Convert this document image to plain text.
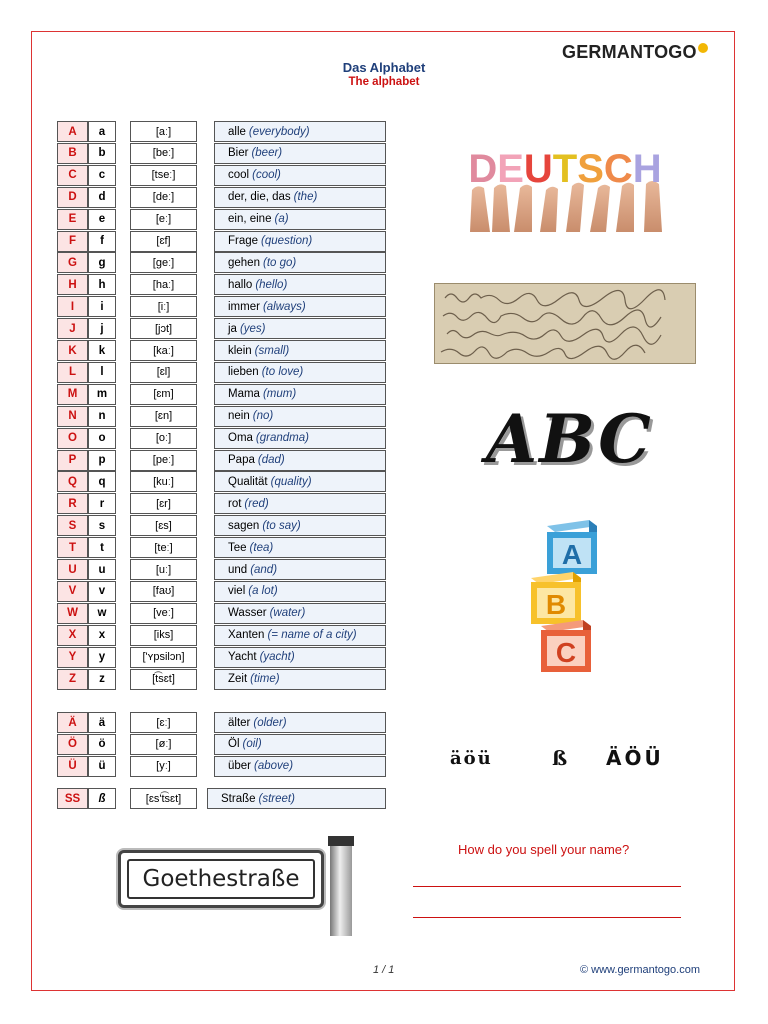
Das Alphabet
The alphabet
GERMANTOGO
A	a	[aː]	alle (everybody)
B	b	[beː]	Bier (beer)
C	c	[tseː]	cool (cool)
D	d	[deː]	der, die, das (the)
E	e	[eː]	ein, eine (a)
F	f	[ɛf]	Frage (question)
G	g	[geː]	gehen (to go)
H	h	[haː]	hallo (hello)
I	i	[iː]	immer (always)
J	j	[jɔt]	ja (yes)
K	k	[kaː]	klein (small)
L	l	[ɛl]	lieben (to love)
M	m	[ɛm]	Mama (mum)
N	n	[ɛn]	nein (no)
O	o	[oː]	Oma (grandma)
P	p	[peː]	Papa (dad)
Q	q	[kuː]	Qualität (quality)
R	r	[ɛr]	rot (red)
S	s	[ɛs]	sagen (to say)
T	t	[teː]	Tee (tea)
U	u	[uː]	und (and)
V	v	[faʊ]	viel (a lot)
W	w	[veː]	Wasser (water)
X	x	[iks]	Xanten (= name of a city)
Y	y	['ʏpsilɔn]	Yacht (yacht)
Z	z	[t͡sɛt]	Zeit (time)
Ä	ä	[ɛː]	älter (older)
Ö	ö	[øː]	Öl (oil)
Ü	ü	[yː]	über (above)
SS	ß	[ɛs't͡sɛt]	Straße (street)
DEUTSCH
ABC
A
B
C
äöü	ß ÄÖÜ
Goethestraße
How do you spell your name?
1 / 1	© www.germantogo.com
